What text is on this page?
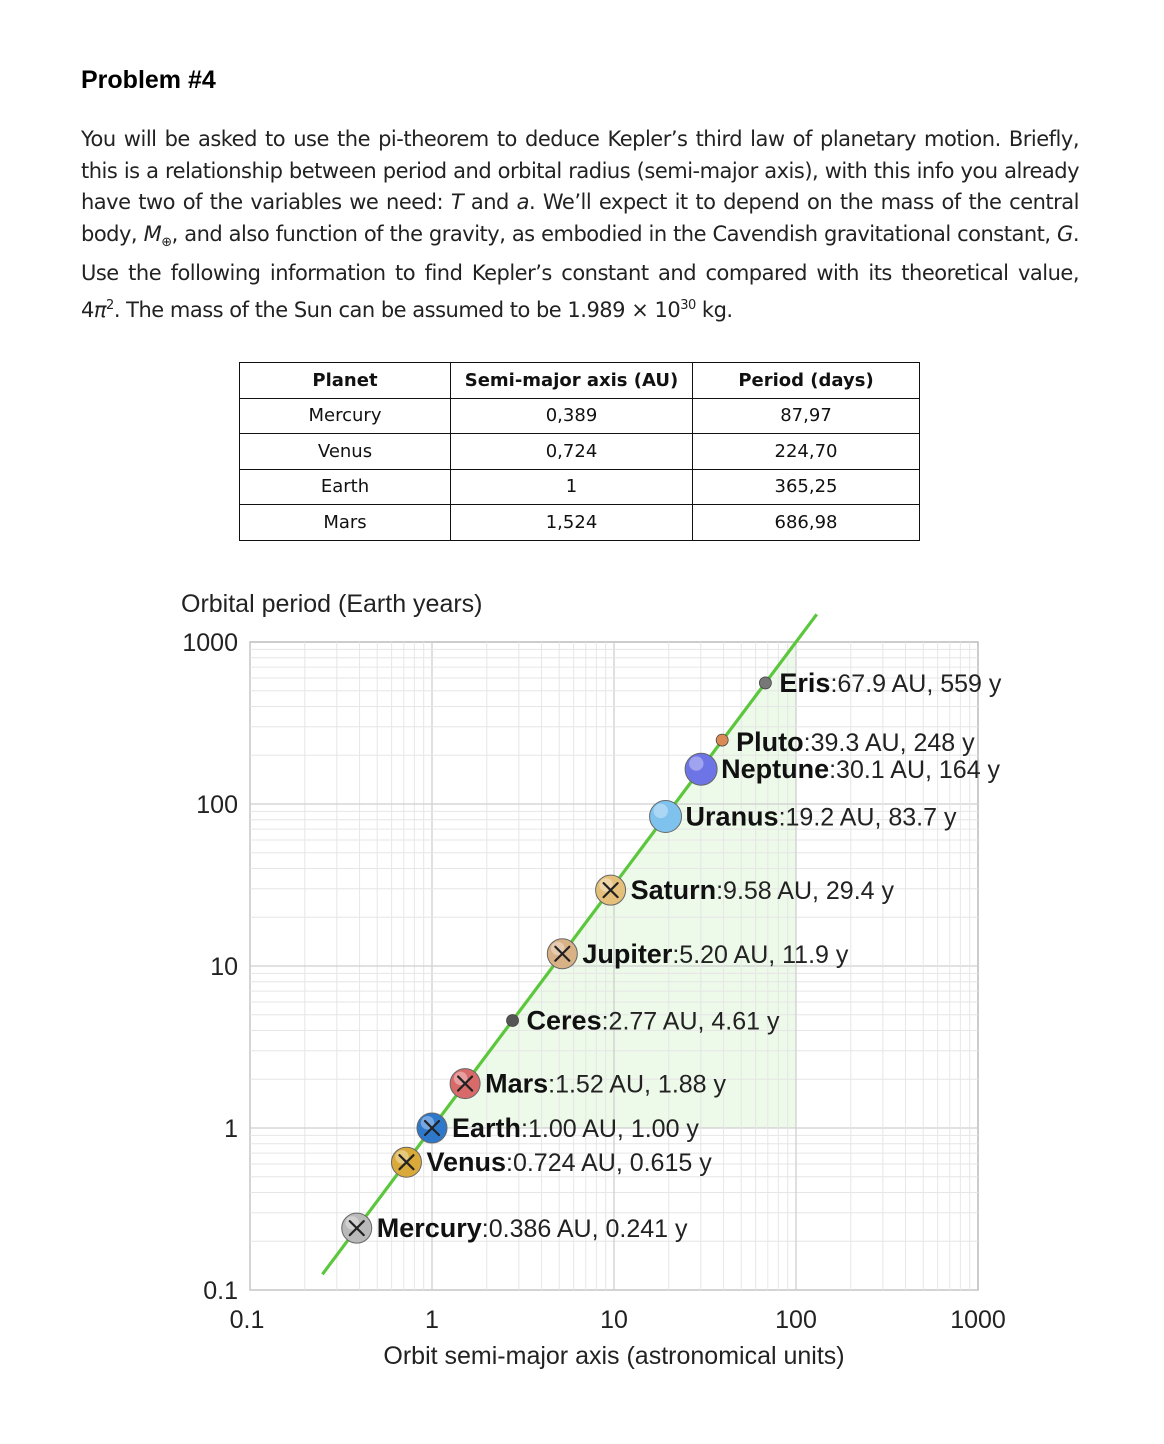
Problem #4
You will be asked to use the pi-theorem to deduce Kepler’s third law of planetary motion. Briefly, this is a relationship between period and orbital radius (semi-major axis), with this info you already have two of the variables we need: T and a. We’ll expect it to depend on the mass of the central body, $M_\oplus$, and also function of the gravity, as embodied in the Cavendish gravitational constant, G. Use the following information to find Kepler’s constant and compared with its theoretical value, $4\pi^2$. The mass of the Sun can be assumed to be $1.989 \times 10^{30}$ kg.
Planet	Semi-major axis (AU)	Period (days)
Mercury	0,389	87,97
Venus	0,724	224,70
Earth	1	365,25
Mars	1,524	686,98
0.1
1
10
100
1000
0.1	1	10	100	1000
Mercury:0.386 AU, 0.241 y
Venus:0.724 AU, 0.615 y
Earth:1.00 AU, 1.00 y
Mars:1.52 AU, 1.88 y
Ceres:2.77 AU, 4.61 y
Jupiter:5.20 AU, 11.9 y
Saturn:9.58 AU, 29.4 y
Uranus:19.2 AU, 83.7 y
Neptune:30.1 AU, 164 y
Pluto:39.3 AU, 248 y
Eris:67.9 AU, 559 y
Orbital period (Earth years)
Orbit semi-major axis (astronomical units)
